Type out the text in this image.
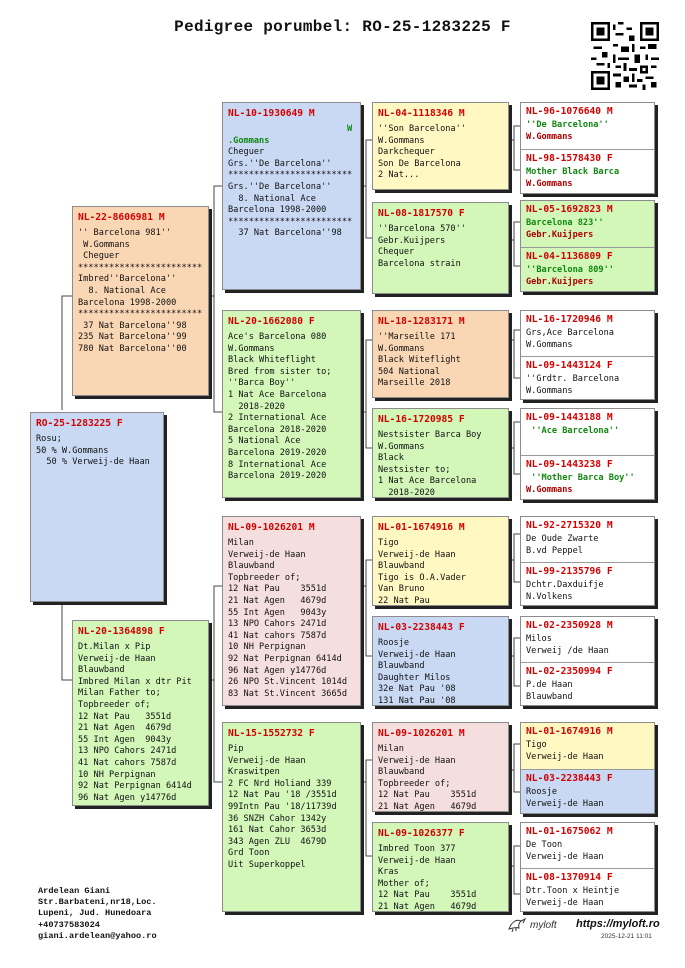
Pedigree porumbel: RO-25-1283225 F
RO-25-1283225 F
Rosu;
50 % W.Gommans
50 % Verweij-de Haan
NL-22-8606981 M
'' Barcelona 981''
W.Gommans
Cheguer
************************
Imbred''Barcelona''
8. National Ace
Barcelona 1998-2000
************************
37 Nat Barcelona''98
235 Nat Barcelona''99
780 Nat Barcelona''00
NL-20-1364898 F
Dt.Milan x Pip
Verweij-de Haan
Blauwband
Imbred Milan x dtr Pit
Milan Father to;
Topbreeder of;
12 Nat Pau   3551d
21 Nat Agen  4679d
55 Int Agen  9043y
13 NPO Cahors 2471d
41 Nat cahors 7587d
10 NH Perpignan
92 Nat Perpignan 6414d
96 Nat Agen y14776d
NL-10-1930649 M
W
.Gommans
Cheguer
Grs.''De Barcelona''
************************
Grs.''De Barcelona''
8. National Ace
Barcelona 1998-2000
************************
37 Nat Barcelona''98
NL-20-1662080 F
Ace's Barcelona 080
W.Gommans
Black Whiteflight
Bred from sister to;
''Barca Boy''
1 Nat Ace Barcelona
2018-2020
2 International Ace
Barcelona 2018-2020
5 National Ace
Barcelona 2019-2020
8 International Ace
Barcelona 2019-2020
NL-09-1026201 M
Milan
Verweij-de Haan
Blauwband
Topbreeder of;
12 Nat Pau    3551d
21 Nat Agen   4679d
55 Int Agen   9043y
13 NPO Cahors 2471d
41 Nat cahors 7587d
10 NH Perpignan
92 Nat Perpignan 6414d
96 Nat Agen y14776d
26 NPO St.Vincent 1014d
83 Nat St.Vincent 3665d
NL-15-1552732 F
Pip
Verweij-de Haan
Kraswitpen
2 FC Nrd Holiand 339
12 Nat Pau '18 /3551d
99Intn Pau '18/11739d
36 SNZH Cahor 1342y
161 Nat Cahor 3653d
343 Agen ZLU  4679D
Grd Toon
Uit Superkoppel
NL-04-1118346 M
''Son Barcelona''
W.Gommans
Darkchequer
Son De Barcelona
2 Nat...
NL-08-1817570 F
''Barcelona 570''
Gebr.Kuijpers
Chequer
Barcelona strain
NL-18-1283171 M
''Marseille 171
W.Gommans
Black Witeflight
504 National
Marseille 2018
NL-16-1720985 F
Nestsister Barca Boy
W.Gommans
Black
Nestsister to;
1 Nat Ace Barcelona
2018-2020
NL-01-1674916 M
Tigo
Verweij-de Haan
Blauwband
Tigo is O.A.Vader
Van Bruno
22 Nat Pau
NL-03-2238443 F
Roosje
Verweij-de Haan
Blauwband
Daughter Milos
32e Nat Pau '08
131 Nat Pau '08
NL-09-1026201 M
Milan
Verweij-de Haan
Blauwband
Topbreeder of;
12 Nat Pau    3551d
21 Nat Agen   4679d
NL-09-1026377 F
Imbred Toon 377
Verweij-de Haan
Kras
Mother of;
12 Nat Pau    3551d
21 Nat Agen   4679d
NL-96-1076640 M
''De Barcelona''
W.Gommans
NL-98-1578430 F
Mother Black Barca
W.Gommans
NL-05-1692823 M
Barcelona 823''
Gebr.Kuijpers
NL-04-1136809 F
''Barcelona 809''
Gebr.Kuijpers
NL-16-1720946 M
Grs,Ace Barcelona
W.Gommans
NL-09-1443124 F
''Grdtr. Barcelona
W.Gommans
NL-09-1443188 M
''Ace Barcelona''
NL-09-1443238 F
''Mother Barca Boy''
W.Gommans
NL-92-2715320 M
De Oude Zwarte
B.vd Peppel
NL-99-2135796 F
Dchtr.Daxduifje
N.Volkens
NL-02-2350928 M
Milos
Verweij /de Haan
NL-02-2350994 F
P.de Haan
Blauwband
NL-01-1674916 M
Tigo
Verweij-de Haan
NL-03-2238443 F
Roosje
Verweij-de Haan
NL-01-1675062 M
De Toon
Verweij-de Haan
NL-08-1370914 F
Dtr.Toon x Heintje
Verweij-de Haan
Ardelean Giani
Str.Barbateni,nr18,Loc.
Lupeni, Jud. Hunedoara
+40737583024
giani.ardelean@yahoo.ro
myloft https://myloft.ro
2025-12-21 11:01
